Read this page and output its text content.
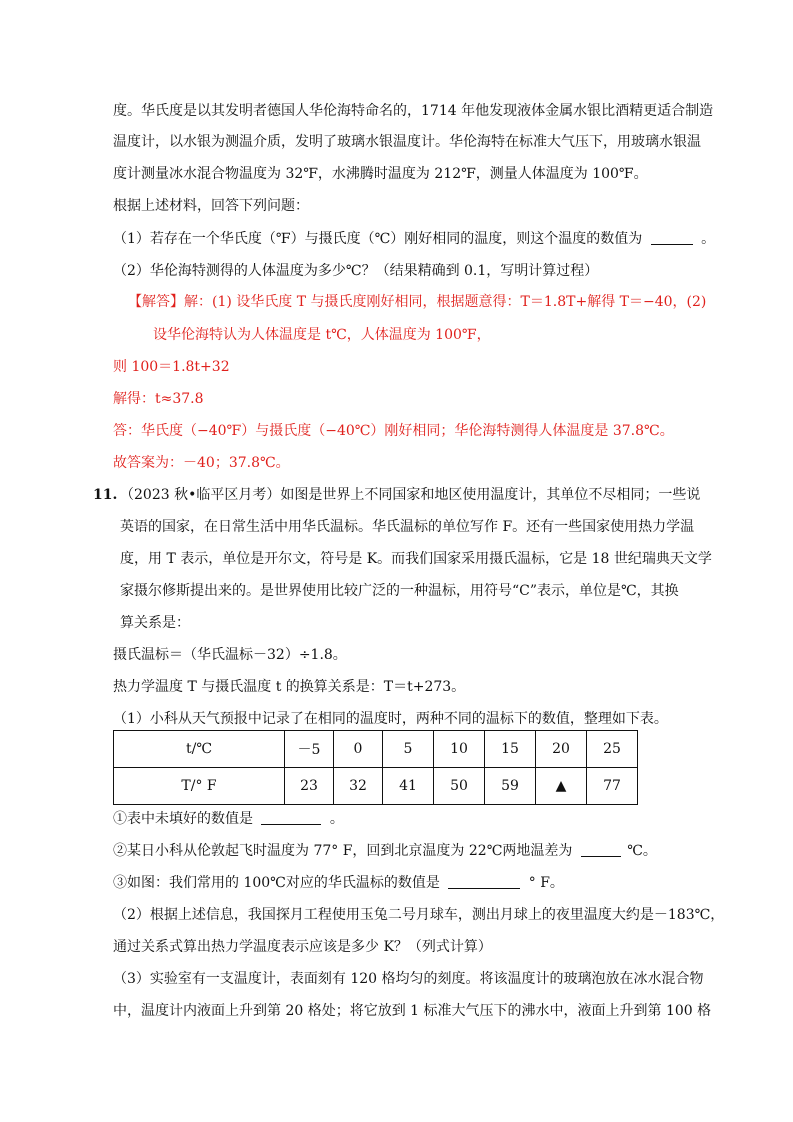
度。华氏度是以其发明者德国人华伦海特命名的，1714 年他发现液体金属水银比酒精更适合制造
温度计，以水银为测温介质，发明了玻璃水银温度计。华伦海特在标准大气压下，用玻璃水银温
度计测量冰水混合物温度为 32℉，水沸腾时温度为 212℉，测量人体温度为 100℉。
根据上述材料，回答下列问题：
（1）若存在一个华氏度（℉）与摄氏度（℃）刚好相同的温度，则这个温度的数值为	。
（2）华伦海特测得的人体温度为多少℃？（结果精确到 0.1，写明计算过程）
【解答】解：(1) 设华氏度 T 与摄氏度刚好相同，根据题意得：T＝1.8T+解得 T＝−40，(2)
设华伦海特认为人体温度是 t℃，人体温度为 100℉，
则 100＝1.8t+32
解得：t≈37.8
答：华氏度（−40℉）与摄氏度（−40℃）刚好相同；华伦海特测得人体温度是 37.8℃。
故答案为：－40；37.8℃。
11. （2023 秋•临平区月考）如图是世界上不同国家和地区使用温度计，其单位不尽相同；一些说
英语的国家，在日常生活中用华氏温标。华氏温标的单位写作 F。还有一些国家使用热力学温
度，用 T 表示，单位是开尔文，符号是 K。而我们国家采用摄氏温标，它是 18 世纪瑞典天文学
家摄尔修斯提出来的。是世界使用比较广泛的一种温标，用符号“C”表示，单位是℃，其换
算关系是：
摄氏温标＝（华氏温标－32）÷1.8。
热力学温度 T 与摄氏温度 t 的换算关系是：T＝t+273。
（1）小科从天气预报中记录了在相同的温度时，两种不同的温标下的数值，整理如下表。
t/℃	－5	0	5	10	15	20	25
T/° F	23	32	41	50	59	▲	77
①表中未填好的数值是	。
②某日小科从伦敦起飞时温度为 77° F，回到北京温度为 22℃两地温差为	℃。
③如图：我们常用的 100℃对应的华氏温标的数值是	° F。
（2）根据上述信息，我国探月工程使用玉兔二号月球车，测出月球上的夜里温度大约是－183℃，
通过关系式算出热力学温度表示应该是多少 K？（列式计算）
（3）实验室有一支温度计，表面刻有 120 格均匀的刻度。将该温度计的玻璃泡放在冰水混合物
中，温度计内液面上升到第 20 格处；将它放到 1 标准大气压下的沸水中，液面上升到第 100 格
